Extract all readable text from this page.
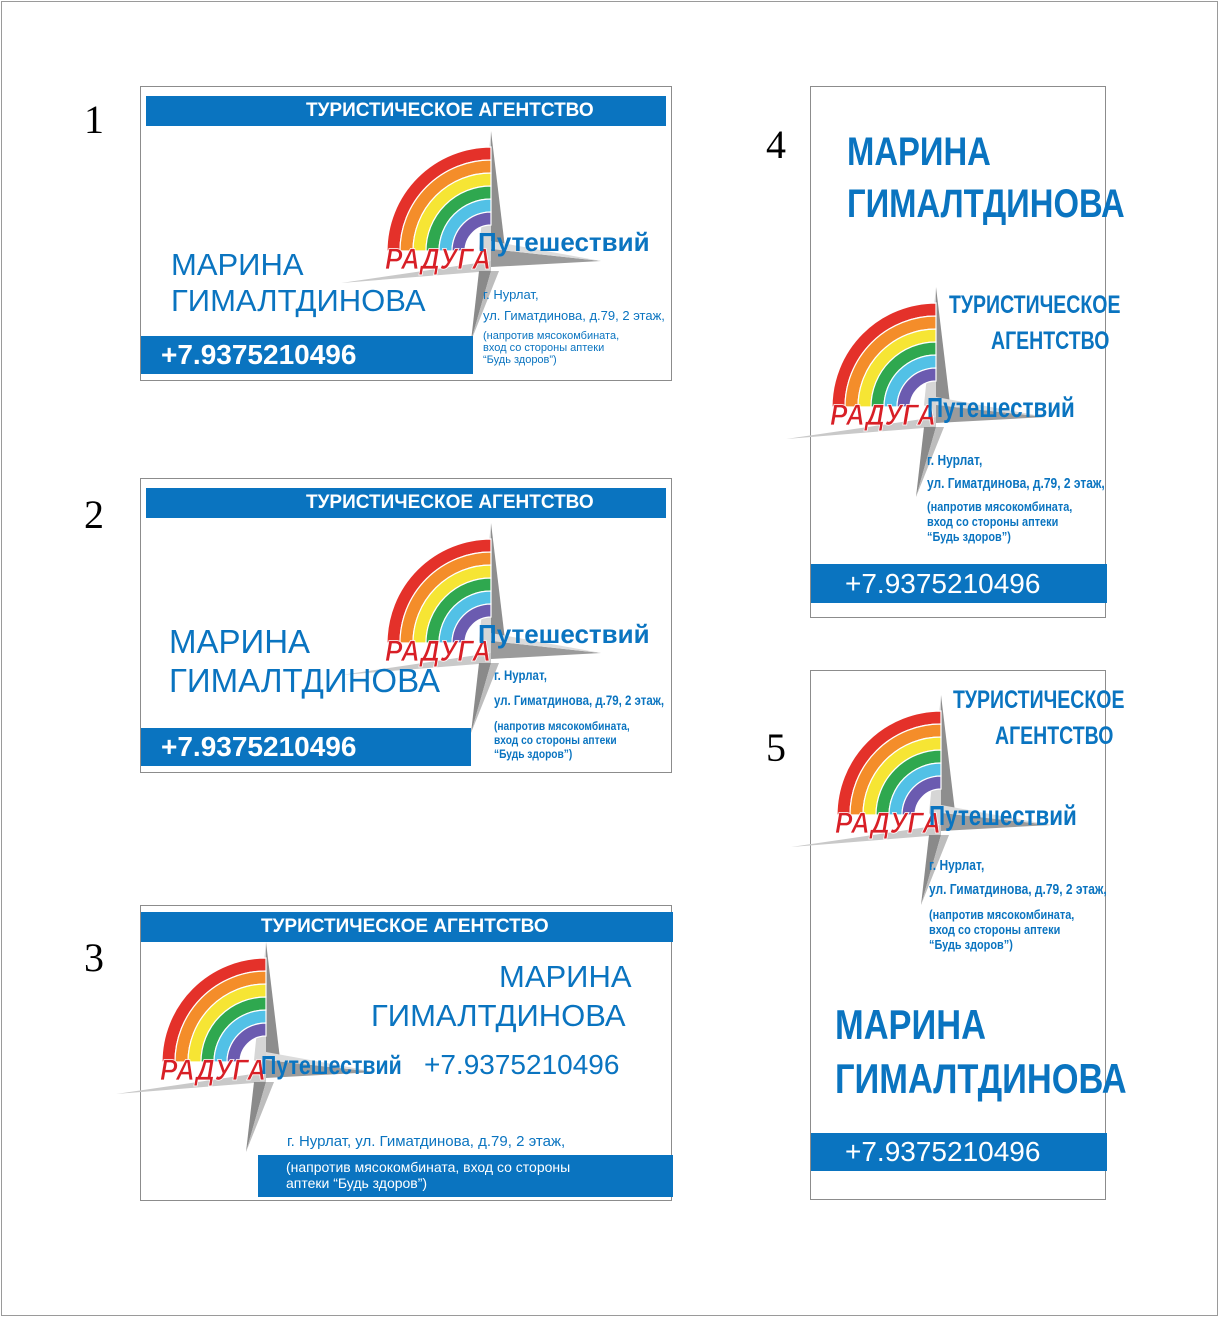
1
2
3
4
5
ТУРИСТИЧЕСКОЕ АГЕНТСТВО
РАДУГА
Путешествий
МАРИНА
ГИМАЛТДИНОВА	г. Нурлат,
ул. Гиматдинова, д.79, 2 этаж,
(напротив мясокомбината,
вход со стороны аптеки
“Будь здоров”)
+7.9375210496
ТУРИСТИЧЕСКОЕ АГЕНТСТВО
РАДУГА
Путешествий
МАРИНА
ГИМАЛТДИНОВА	г. Нурлат,
ул. Гиматдинова, д.79, 2 этаж,
(напротив мясокомбината,
вход со стороны аптеки
“Будь здоров”)
+7.9375210496
ТУРИСТИЧЕСКОЕ АГЕНТСТВО
РАДУГА
Путешествий
МАРИНА
ГИМАЛТДИНОВА
+7.9375210496
г. Нурлат, ул. Гиматдинова, д.79, 2 этаж,
(напротив мясокомбината, вход со стороны
аптеки “Будь здоров”)
МАРИНА
ГИМАЛТДИНОВА
ТУРИСТИЧЕСКОЕ
АГЕНТСТВО
РАДУГА
Путешествий
г. Нурлат,
ул. Гиматдинова, д.79, 2 этаж,
(напротив мясокомбината,
вход со стороны аптеки
“Будь здоров”)
+7.9375210496
ТУРИСТИЧЕСКОЕ
АГЕНТСТВО
РАДУГА
Путешествий
г. Нурлат,
ул. Гиматдинова, д.79, 2 этаж,
(напротив мясокомбината,
вход со стороны аптеки
“Будь здоров”)
МАРИНА
ГИМАЛТДИНОВА
+7.9375210496
